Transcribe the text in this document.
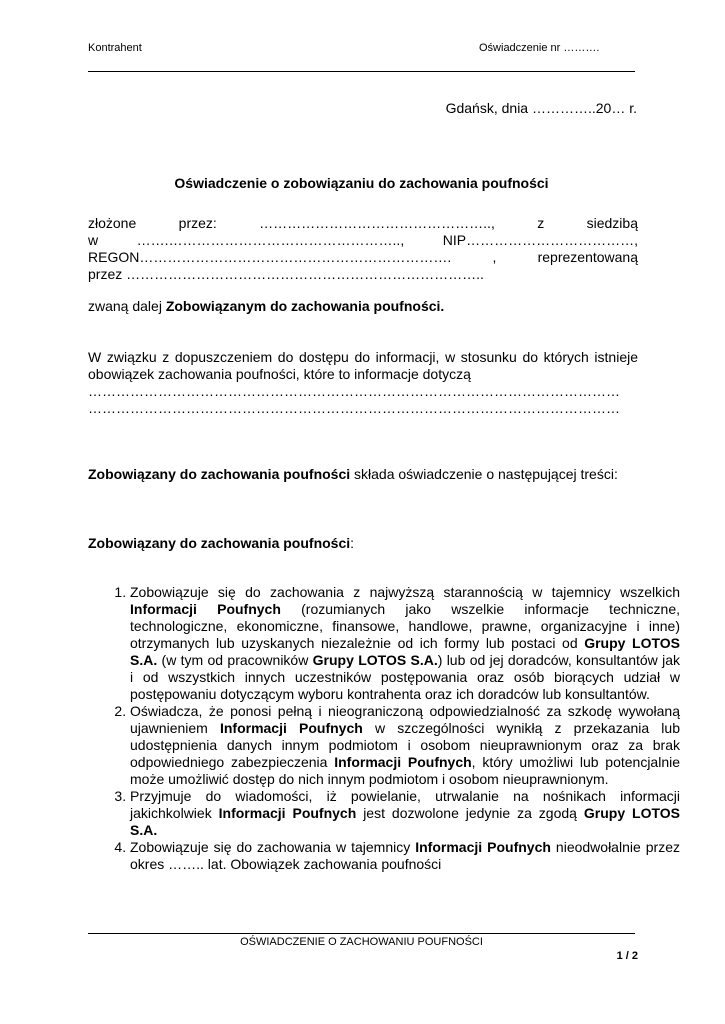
Kontrahent	Oświadczenie nr ……….
Gdańsk, dnia …………..20… r.
Oświadczenie o zobowiązaniu do zachowania poufności
złożone	przez:	…………………………………………..,	z	siedzibą
w	…….…………………………………………..,	NIP………………………………,
REGON………………………………………………………….	,	reprezentowaną
przez …………………………………………………………………..
zwaną dalej Zobowiązanym do zachowania poufności.
W związku z dopuszczeniem do dostępu do informacji, w stosunku do których istnieje obowiązek zachowania poufności, które to informacje dotyczą
……………………………………………………………………………………………………
……………………………………………………………………………………………………
Zobowiązany do zachowania poufności składa oświadczenie o następującej treści:
Zobowiązany do zachowania poufności:
1. Zobowiązuje się do zachowania z najwyższą starannością w tajemnicy wszelkich Informacji Poufnych (rozumianych jako wszelkie informacje techniczne, technologiczne, ekonomiczne, finansowe, handlowe, prawne, organizacyjne i inne) otrzymanych lub uzyskanych niezależnie od ich formy lub postaci od Grupy LOTOS S.A. (w tym od pracowników Grupy LOTOS S.A.) lub od jej doradców, konsultantów jak i od wszystkich innych uczestników postępowania oraz osób biorących udział w postępowaniu dotyczącym wyboru kontrahenta oraz ich doradców lub konsultantów.
2. Oświadcza, że ponosi pełną i nieograniczoną odpowiedzialność za szkodę wywołaną ujawnieniem Informacji Poufnych w szczególności wynikłą z przekazania lub udostępnienia danych innym podmiotom i osobom nieuprawnionym oraz za brak odpowiedniego zabezpieczenia Informacji Poufnych, który umożliwi lub potencjalnie może umożliwić dostęp do nich innym podmiotom i osobom nieuprawnionym.
3. Przyjmuje do wiadomości, iż powielanie, utrwalanie na nośnikach informacji jakichkolwiek Informacji Poufnych jest dozwolone jedynie za zgodą Grupy LOTOS S.A.
4. Zobowiązuje się do zachowania w tajemnicy Informacji Poufnych nieodwołalnie przez okres …….. lat. Obowiązek zachowania poufności
OŚWIADCZENIE O ZACHOWANIU POUFNOŚCI
1 / 2
